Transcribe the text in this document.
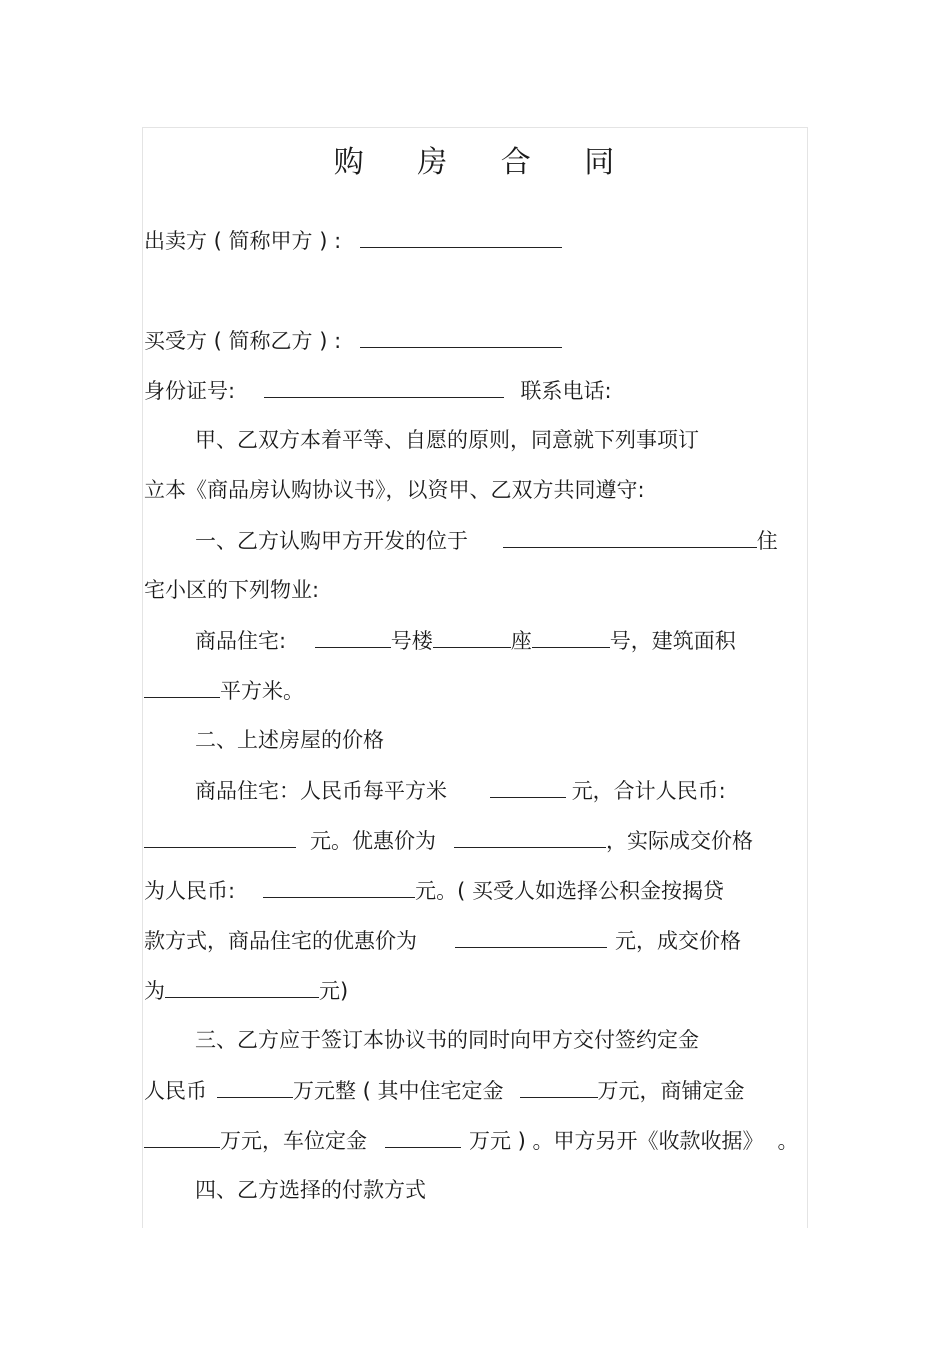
购 房 合 同
出卖方 ( 简称甲方 ) :
买受方 ( 简称乙方 ) :
身份证号:	联系电话:
甲、乙双方本着平等、自愿的原则，同意就下列事项订
立本《商品房认购协议书》，以资甲、乙双方共同遵守:
一、乙方认购甲方开发的位于	住
宅小区的下列物业:
商品住宅:	号楼	座	号，建筑面积
平方米。
二、上述房屋的价格
商品住宅：人民币每平方米	元，合计人民币:
元。优惠价为	，实际成交价格
为人民币:	元。( 买受人如选择公积金按揭贷
款方式，商品住宅的优惠价为	元，成交价格
为	元)
三、乙方应于签订本协议书的同时向甲方交付签约定金
人民币	万元整 ( 其中住宅定金	万元，商铺定金
万元，车位定金	万元 ) 。甲方另开《收款收据》 。
四、乙方选择的付款方式
